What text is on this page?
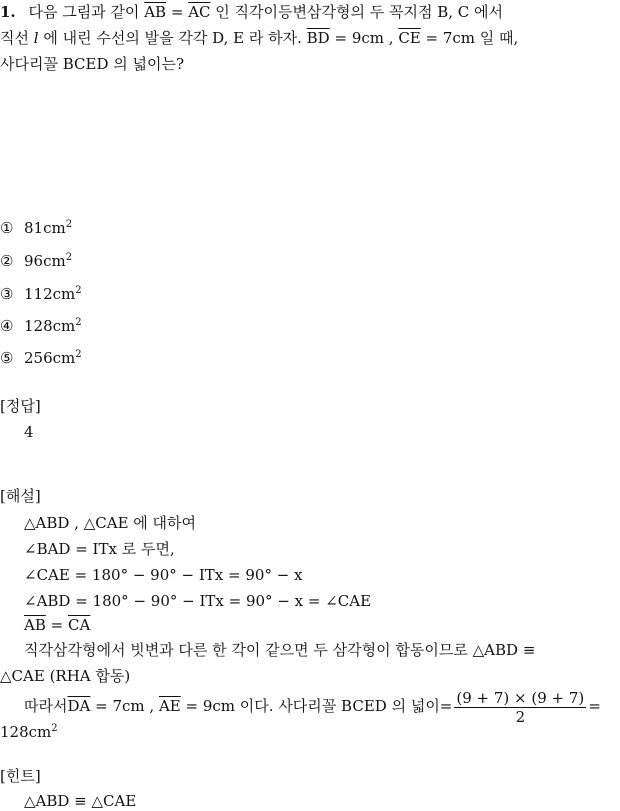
1. 다음 그림과 같이 $\overline{AB} = \overline{AC}$ 인 직각이등변삼각형의 두 꼭지점 B, C 에서
직선 l 에 내린 수선의 발을 각각 D, E 라 하자. $\overline{BD} = 9cm$ , $\overline{CE} = 7cm$ 일 때,
사다리꼴 BCED 의 넓이는?
① $81cm^2$
② $96cm^2$
③ $112cm^2$
④ $128cm^2$
⑤ $256cm^2$
[정답]
4
[해설]
△ABD , △CAE 에 대하여
∠BAD = ITx 로 두면,
∠CAE = 180° − 90° − ITx = 90° − x
∠ABD = 180° − 90° − ITx = 90° − x = ∠CAE
$\overline{AB} = \overline{CA}$
직각삼각형에서 빗변과 다른 한 각이 같으면 두 삼각형이 합동이므로 △ABD ≡
△CAE (RHA 합동)
따라서$\overline{DA} = 7cm$ , $\overline{AE} = 9cm$ 이다. 사다리꼴 BCED 의 넓이= $\frac{(9 + 7) \times (9 + 7)}{2}$ =
$128cm^2$
[힌트]
△ABD ≡ △CAE
